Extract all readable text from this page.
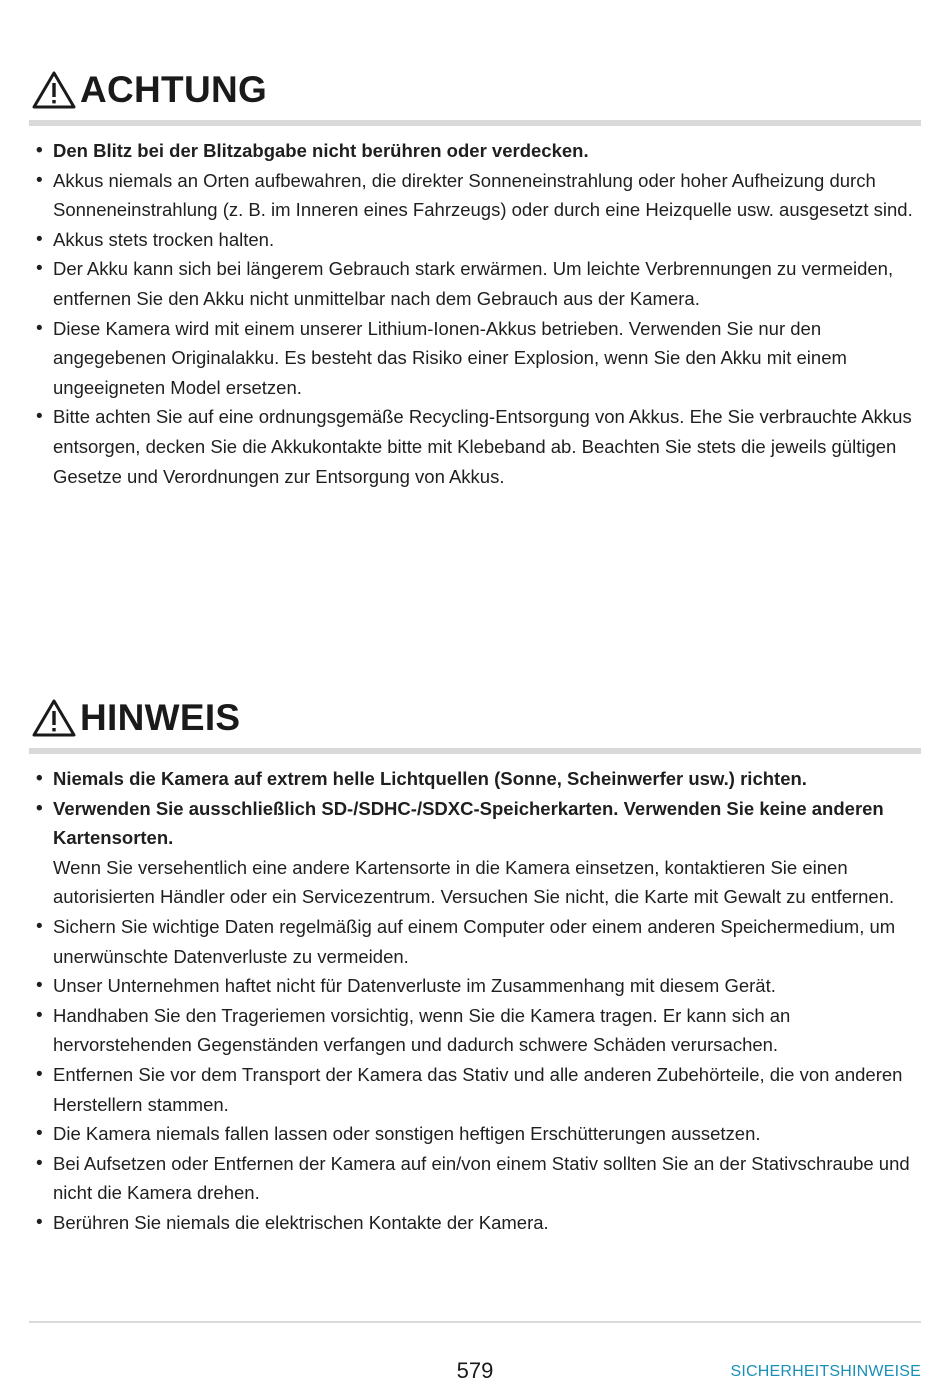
ACHTUNG
• Den Blitz bei der Blitzabgabe nicht berühren oder verdecken.
• Akkus niemals an Orten aufbewahren, die direkter Sonneneinstrahlung oder hoher Aufheizung durch Sonneneinstrahlung (z. B. im Inneren eines Fahrzeugs) oder durch eine Heizquelle usw. ausgesetzt sind.
• Akkus stets trocken halten.
• Der Akku kann sich bei längerem Gebrauch stark erwärmen. Um leichte Verbrennungen zu vermeiden, entfernen Sie den Akku nicht unmittelbar nach dem Gebrauch aus der Kamera.
• Diese Kamera wird mit einem unserer Lithium-Ionen-Akkus betrieben. Verwenden Sie nur den angegebenen Originalakku. Es besteht das Risiko einer Explosion, wenn Sie den Akku mit einem ungeeigneten Model ersetzen.
• Bitte achten Sie auf eine ordnungsgemäße Recycling-Entsorgung von Akkus. Ehe Sie verbrauchte Akkus entsorgen, decken Sie die Akkukontakte bitte mit Klebeband ab. Beachten Sie stets die jeweils gültigen Gesetze und Verordnungen zur Entsorgung von Akkus.
HINWEIS
• Niemals die Kamera auf extrem helle Lichtquellen (Sonne, Scheinwerfer usw.) richten.
• Verwenden Sie ausschließlich SD-/SDHC-/SDXC-Speicherkarten. Verwenden Sie keine anderen Kartensorten.
Wenn Sie versehentlich eine andere Kartensorte in die Kamera einsetzen, kontaktieren Sie einen autorisierten Händler oder ein Servicezentrum. Versuchen Sie nicht, die Karte mit Gewalt zu entfernen.
• Sichern Sie wichtige Daten regelmäßig auf einem Computer oder einem anderen Speichermedium, um unerwünschte Datenverluste zu vermeiden.
• Unser Unternehmen haftet nicht für Datenverluste im Zusammenhang mit diesem Gerät.
• Handhaben Sie den Trageriemen vorsichtig, wenn Sie die Kamera tragen. Er kann sich an hervorstehenden Gegenständen verfangen und dadurch schwere Schäden verursachen.
• Entfernen Sie vor dem Transport der Kamera das Stativ und alle anderen Zubehörteile, die von anderen Herstellern stammen.
• Die Kamera niemals fallen lassen oder sonstigen heftigen Erschütterungen aussetzen.
• Bei Aufsetzen oder Entfernen der Kamera auf ein/von einem Stativ sollten Sie an der Stativschraube und nicht die Kamera drehen.
• Berühren Sie niemals die elektrischen Kontakte der Kamera.
579	SICHERHEITSHINWEISE
